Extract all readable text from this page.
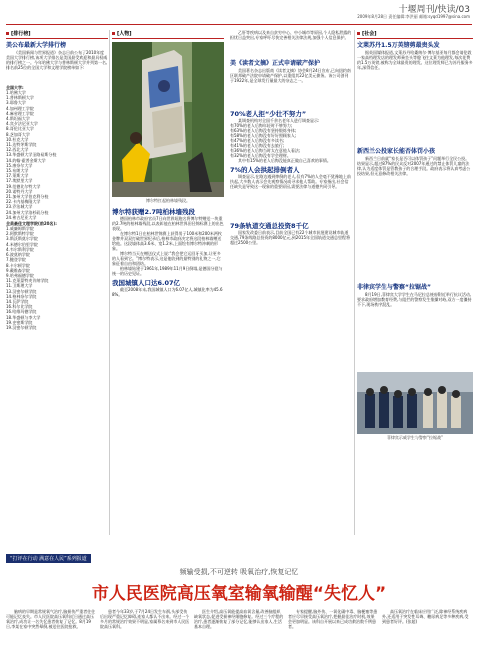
十堰周刊/快读/03
2009年8月28日 责任编辑:李洪丽 邮箱:syqd1997@sina.com
[排行榜]
美公布最新大学排行榜
《美国新闻与世界报道》杂志日前公布了2010年度美国大学排行榜,该项大学排名是美国最受欢迎和最具权威的排行榜之一。今年哈佛大学与普林斯顿大学并列第一名,排名前25位的全国大学和文理学院榜单如下:
全国大学:
1.哈佛大学
1.普林斯顿大学
3.耶鲁大学
4.加州理工学院
4.麻省理工学院
4.斯坦福大学
4.宾夕法尼亚大学
8.哥伦比亚大学
8.芝加哥大学
10.杜克大学
11.达特茅斯学院
12.西北大学
13.华盛顿大学圣路易斯分校
14.约翰·霍普金斯大学
15.康奈尔大学
15.布朗大学
17.莱斯大学
17.埃默里大学
19.范德比尔特大学
20.诺特丹大学
21.加州大学伯克利分校
22.卡内基梅隆大学
23.乔治城大学
24.加州大学洛杉矶分校
24.弗吉尼亚大学
全美最佳文理学院(前20名):
1.威廉姆斯学院
2.阿默斯特学院
3.斯沃斯莫尔学院
4.米德尔伯里学院
4.韦尔斯利学院
6.波莫纳学院
7.鲍登学院
8.卡尔顿学院
9.戴维森学院
9.哈弗福德学院
11.克莱蒙特麦肯纳学院
11.卫斯理大学
13.汉密尔顿学院
14.格林奈尔学院
14.瓦萨学院
16.科尔比学院
16.哈维玛德学院
18.华盛顿与李大学
19.史密斯学院
19.汉密尔顿学院
[人物]
博尔特扛起柏林墙残段。
博尔特获赠2.7吨柏林墙残段
德国柏林市政府官员7日向世界短跑名将博尔特赠送一块重约2.7吨的柏林墙残段,以表彰他在柏林世界田径锦标赛上的出色表现。
在博尔特1日在柏林世锦赛上获得男子100米和200米两枚金牌并双双打破世界纪录后,柏林市政府决定将这段柏林墙赠送给他。这段墙体高3.6米、宽1.2米,上面绘有博尔特冲刺的形象。
博尔特当天在赠送仪式上说:“我会把它运回牙买加,让更多的人看到它。”博尔特表示,这是他收到的最特别的礼物之一,它象征着自由和团结。
柏林墙始建于1961年,1989年11月9日倒塌,是德国分裂与统一的历史见证。
我国城镇人口达6.07亿
截至2008年末,我国城镇人口为6.07亿人,城镇化率为45.68%。
乙肝等疾病以及来自贫穷中心、中小城市等原因,个人隐私泄露的担忧日益突出,专家呼吁尽快完善相关法律法规,加强个人信息保护。
美《读者文摘》正式申请破产保护
美国著名杂志出版商《读者文摘》协会8月24日宣布,已向纽约南区联邦破产法院申请破产保护,以重组其22亿美元债务。该公司创刊于1922年,是全球发行量最大的杂志之一。
70%老人拒“少壮不努力”
某调查机构对全国千余名老年人进行调查显示:
有70%的老人后悔年轻时不够努力;
有63%的老人后悔没有坚持锻炼身体;
有58%的老人后悔没有好好照顾家人;
有47%的老人后悔没有多读书;
有41%的老人后悔没有去旅行;
有36%的老人后悔当时太在意他人看法;
有32%的老人后悔没有学会理财。
其中有15%的老人后悔没能真正做自己喜欢的事情。
7%的人会拱起排倒者人
调查显示,在路边遇到摔倒的老人,仅有7%的人会毫不犹豫地上前扶起,大多数人表示会先观察情况或寻求他人帮助。专家指出,社会信任缺失是导致这一现象的重要原因,需要法律与道德共同引导。
79条轨道交通总投资8千亿
国家发改委日前表示,目前全国已有22个城市获批建设城市轨道交通,79条线路总投资约8000亿元,到2015年全国轨道交通总里程将超过2500公里。
[社会]
文莱苏丹1.5万英镑剪最贵头发
据英国媒体报道,文莱苏丹哈桑纳尔·博尔基亚每月都会请伦敦一家高档理发店的理发师乘坐头等舱飞往文莱为他理发,每次花费约1.5万英镑,被称为全球最贵的理发。这位理发师已为苏丹服务多年,深得信任。
新西兰公投家长能否体罚小孩
新西兰日前就“家长是否可以体罚孩子”问题举行全民公投。结果显示,超过87%的民众反对2007年通过的禁止体罚儿童的法律,认为适度体罚是管教孩子的合理手段。政府表示将认真考虑公投结果,但无意修改相关法律。
非律宾学生与警察“拉锯战”
8月19日,菲律宾大学学生在马尼拉总统府附近举行抗议活动,要求政府增加教育经费,与阻拦的警察发生推搡对峙,双方一度僵持不下,现场秩序混乱。
菲律宾示威学生与警察“拉锯战”
“打评在行动 满意在人民”系列报道
频输受损,不可逆转 吸氧治疗,恢复记忆
市人民医院高压氧室输氧输醒“失忆人”
脑病的早期是常规氧气治疗,脑损伤严重者往往可能记忆丧失。市人民医院高压氧科近日通过高压氧治疗,成功让一名失忆患者恢复了记忆。8月19日,李某在家中突然晕倒,被送往医院抢救。
患者今年33岁,于7月24日发生车祸,头部受伤后出现严重记忆障碍,连家人都认不出来。经过一个多月的常规治疗效果不明显,家属慕名来到市人民医院高压氧科。
医生介绍,高压氧能提高血氧含量,改善脑组织缺氧状态,促进受损神经细胞修复。经过三个疗程的治疗,患者逐渐恢复了部分记忆,能够认出家人,生活基本自理。
专家提醒,脑外伤、一氧化碳中毒、脑梗塞等患者应尽早接受高压氧治疗,把握最佳治疗时机,效果会更加明显。该科自开展以来已成功救治数千例患者。
高压氧治疗在临床应用广泛,除神经系统疾病外,还适用于突发性耳聋、糖尿病足等多种疾病,受到患者好评。(张超)
